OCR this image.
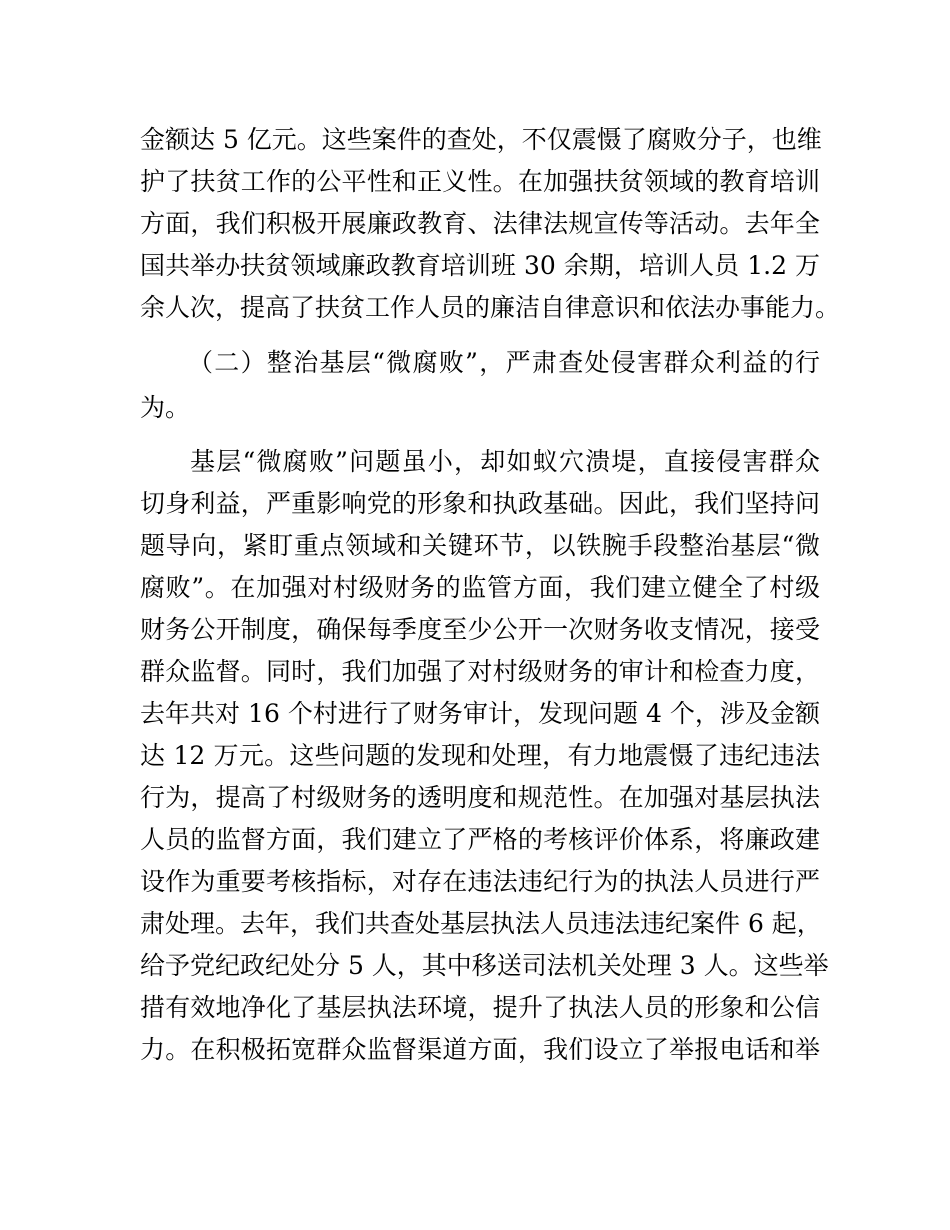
金额达 5 亿元。这些案件的查处，不仅震慑了腐败分子，也维
护了扶贫工作的公平性和正义性。在加强扶贫领域的教育培训
方面，我们积极开展廉政教育、法律法规宣传等活动。去年全
国共举办扶贫领域廉政教育培训班 30 余期，培训人员 1.2 万
余人次，提高了扶贫工作人员的廉洁自律意识和依法办事能力。
（二）整治基层“微腐败”，严肃查处侵害群众利益的行
为。
基层“微腐败”问题虽小，却如蚁穴溃堤，直接侵害群众
切身利益，严重影响党的形象和执政基础。因此，我们坚持问
题导向，紧盯重点领域和关键环节，以铁腕手段整治基层“微
腐败”。在加强对村级财务的监管方面，我们建立健全了村级
财务公开制度，确保每季度至少公开一次财务收支情况，接受
群众监督。同时，我们加强了对村级财务的审计和检查力度，
去年共对 16 个村进行了财务审计，发现问题 4 个，涉及金额
达 12 万元。这些问题的发现和处理，有力地震慑了违纪违法
行为，提高了村级财务的透明度和规范性。在加强对基层执法
人员的监督方面，我们建立了严格的考核评价体系，将廉政建
设作为重要考核指标，对存在违法违纪行为的执法人员进行严
肃处理。去年，我们共查处基层执法人员违法违纪案件 6 起，
给予党纪政纪处分 5 人，其中移送司法机关处理 3 人。这些举
措有效地净化了基层执法环境，提升了执法人员的形象和公信
力。在积极拓宽群众监督渠道方面，我们设立了举报电话和举
